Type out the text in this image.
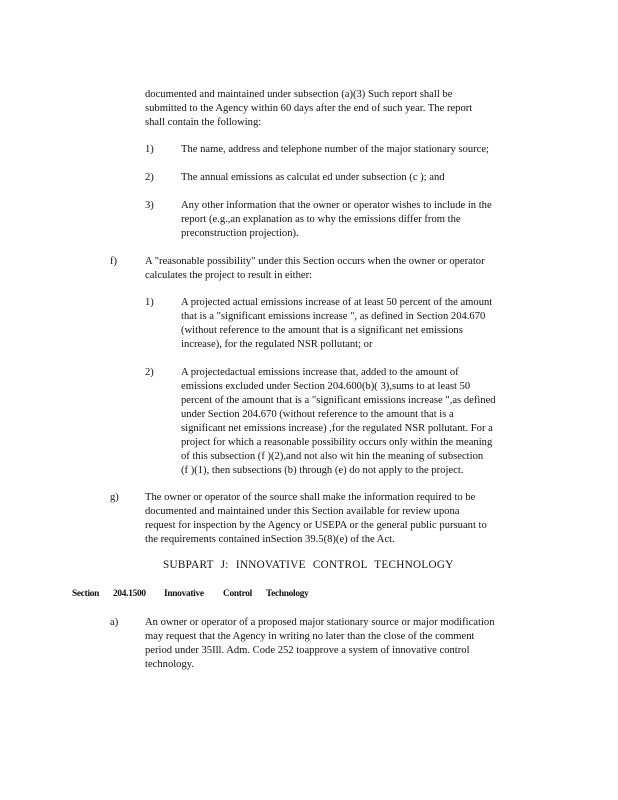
documented and maintained under subsection (a)(3) Such report shall be
submitted to the Agency within 60 days after the end of such year. The report
shall contain the following:
1)	The name, address and telephone number of the major stationary source;
2)	The annual emissions as calculat ed under subsection (c ); and
3)	Any other information that the owner or operator wishes to include in the
report (e.g.,an explanation as to why the emissions differ from the
preconstruction projection).
f)	A "reasonable possibility" under this Section occurs when the owner or operator
calculates the project to result in either:
1)	A projected actual emissions increase of at least 50 percent of the amount
that is a "significant emissions increase ", as defined in Section 204.670
(without reference to the amount that is a significant net emissions
increase), for the regulated NSR pollutant; or
2)	A projectedactual emissions increase that, added to the amount of
emissions excluded under Section 204.600(b)( 3),sums to at least 50
percent of the amount that is a "significant emissions increase ",as defined
under Section 204.670 (without reference to the amount that is a
significant net emissions increase) ,for the regulated NSR pollutant. For a
project for which a reasonable possibility occurs only within the meaning
of this subsection (f )(2),and not also wit hin the meaning of subsection
(f )(1), then subsections (b) through (e) do not apply to the project.
g) The owner or operator of the source shall make the information required to be
documented and maintained under this Section available for review upona
request for inspection by the Agency or USEPA or the general public pursuant to
the requirements contained inSection 39.5(8)(e) of the Act.
SUBPART J: INNOVATIVE CONTROL TECHNOLOGY
Section 204.1500 Innovative Control Technology
a)	An owner or operator of a proposed major stationary source or major modification
may request that the Agency in writing no later than the close of the comment
period under 35Ill. Adm. Code 252 toapprove a system of innovative control
technology.
